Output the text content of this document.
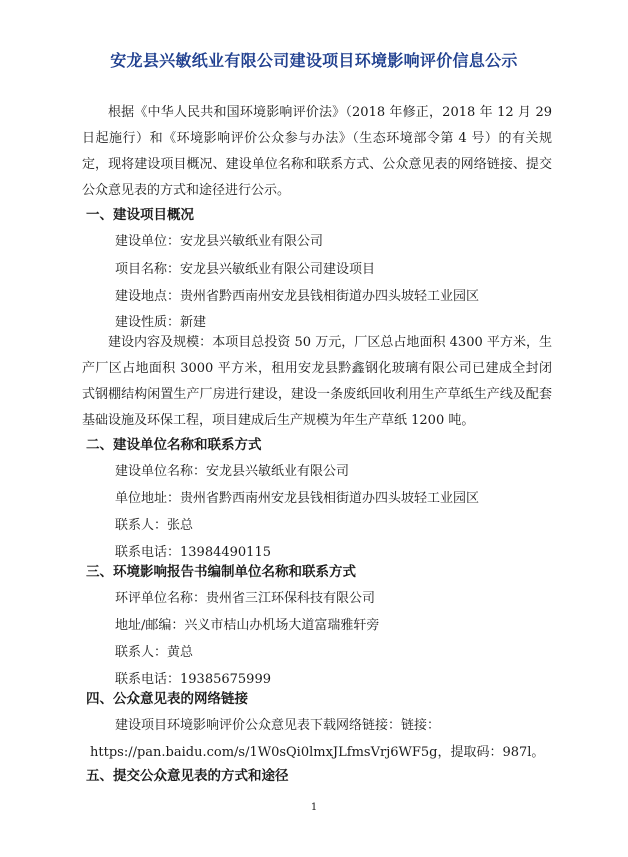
安龙县兴敏纸业有限公司建设项目环境影响评价信息公示
根据《中华人民共和国环境影响评价法》（2018 年修正，2018 年 12 月 29 日起施行）和《环境影响评价公众参与办法》（生态环境部令第 4 号）的有关规定，现将建设项目概况、建设单位名称和联系方式、公众意见表的网络链接、提交公众意见表的方式和途径进行公示。
一、建设项目概况
建设单位：安龙县兴敏纸业有限公司
项目名称：安龙县兴敏纸业有限公司建设项目
建设地点：贵州省黔西南州安龙县钱相街道办四头坡轻工业园区
建设性质：新建
建设内容及规模：本项目总投资 50 万元，厂区总占地面积 4300 平方米，生产厂区占地面积 3000 平方米，租用安龙县黔鑫钢化玻璃有限公司已建成全封闭式钢棚结构闲置生产厂房进行建设，建设一条废纸回收利用生产草纸生产线及配套基础设施及环保工程，项目建成后生产规模为年生产草纸 1200 吨。
二、建设单位名称和联系方式
建设单位名称：安龙县兴敏纸业有限公司
单位地址：贵州省黔西南州安龙县钱相街道办四头坡轻工业园区
联系人：张总
联系电话：13984490115
三、环境影响报告书编制单位名称和联系方式
环评单位名称：贵州省三江环保科技有限公司
地址/邮编：兴义市桔山办机场大道富瑞雅轩旁
联系人：黄总
联系电话：19385675999
四、公众意见表的网络链接
建设项目环境影响评价公众意见表下载网络链接：链接：
https://pan.baidu.com/s/1W0sQi0lmxJLfmsVrj6WF5g，提取码：987l。
五、提交公众意见表的方式和途径
1
